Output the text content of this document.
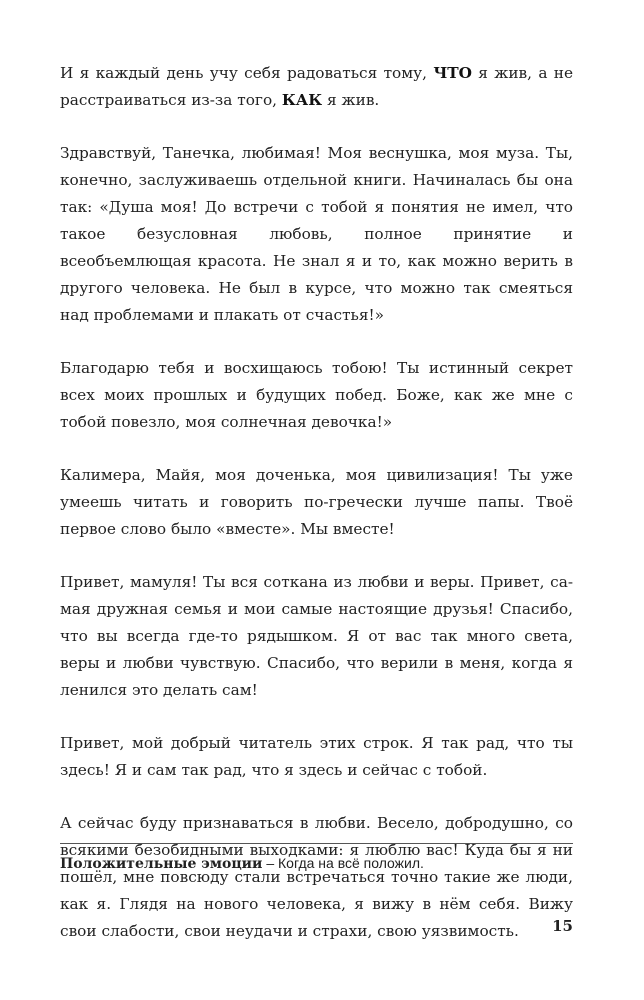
И я каждый день учу себя радоваться тому, ЧТО я жив, а не расстраиваться из-за того, КАК я жив.

Здравствуй, Танечка, любимая! Моя веснушка, моя муза. Ты, конечно, заслуживаешь отдельной книги. Начиналась бы она так: «Душа моя! До встречи с тобой я понятия не имел, что такое безусловная любовь, полное принятие и всеобъемлющая красота. Не знал я и то, как можно верить в другого человека. Не был в курсе, что можно так смеяться над проблемами и плакать от счастья!»

Благодарю тебя и восхищаюсь тобою! Ты истинный секрет всех моих прошлых и будущих побед. Боже, как же мне с тобой повезло, моя солнечная девочка!»

Калимера, Майя, моя доченька, моя цивилизация! Ты уже умеешь читать и говорить по-гречески лучше папы. Твоё первое слово было «вместе». Мы вместе!

Привет, мамуля! Ты вся соткана из любви и веры. Привет, самая дружная семья и мои самые настоящие друзья! Спасибо, что вы всегда где-то рядышком. Я от вас так много света, веры и любви чувствую. Спасибо, что верили в меня, когда я ленился это делать сам!

Привет, мой добрый читатель этих строк. Я так рад, что ты здесь! Я и сам так рад, что я здесь и сейчас с тобой.

А сейчас буду признаваться в любви. Весело, добродушно, со всякими безобидными выходками: я люблю вас! Куда бы я ни пошёл, мне повсюду стали встречаться точно такие же люди, как я. Глядя на нового человека, я вижу в нём себя. Вижу свои слабости, свои неудачи и страхи, свою уязвимость.

Положительные эмоции – Когда на всё положил.
15
